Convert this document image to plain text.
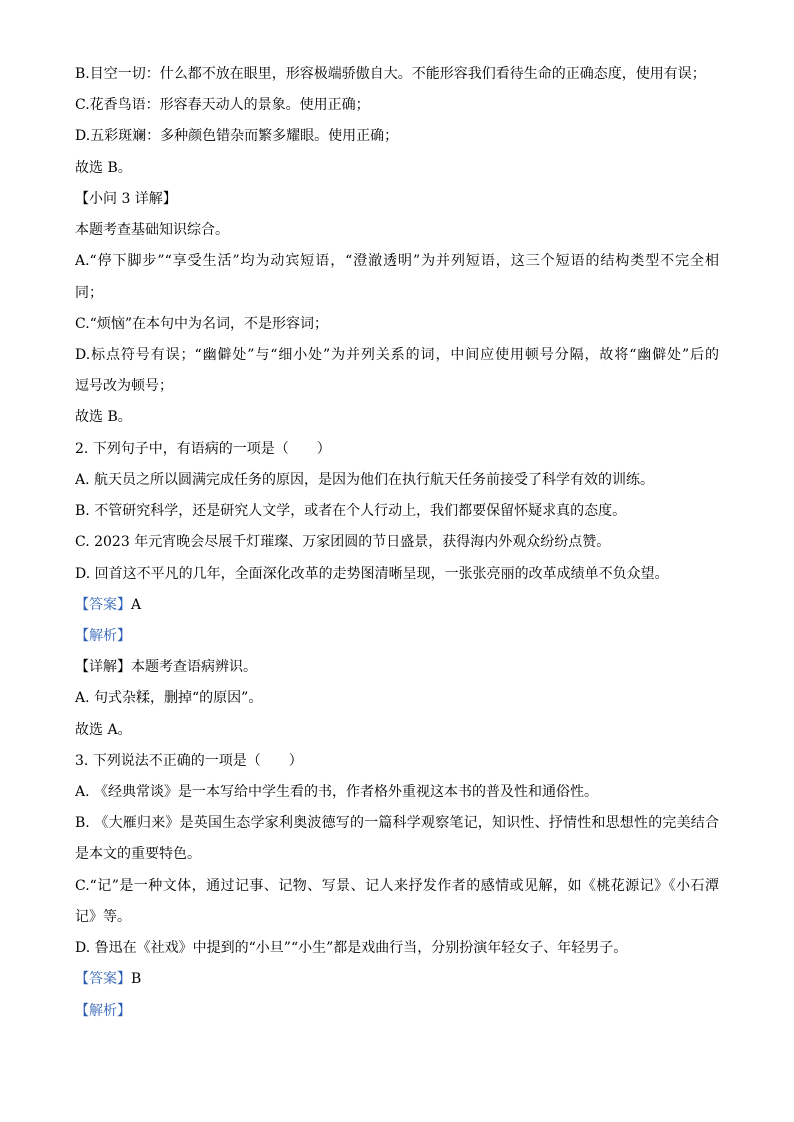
B.目空一切：什么都不放在眼里，形容极端骄傲自大。不能形容我们看待生命的正确态度，使用有误；
C.花香鸟语：形容春天动人的景象。使用正确；
D.五彩斑斓：多种颜色错杂而繁多耀眼。使用正确；
故选 B。
【小问 3 详解】
本题考查基础知识综合。
A.“停下脚步”“享受生活”均为动宾短语，“澄澈透明”为并列短语，这三个短语的结构类型不完全相
同；
C.“烦恼”在本句中为名词，不是形容词；
D.标点符号有误；“幽僻处”与“细小处”为并列关系的词，中间应使用顿号分隔，故将“幽僻处”后的
逗号改为顿号；
故选 B。
2. 下列句子中，有语病的一项是（　　）
A. 航天员之所以圆满完成任务的原因，是因为他们在执行航天任务前接受了科学有效的训练。
B. 不管研究科学，还是研究人文学，或者在个人行动上，我们都要保留怀疑求真的态度。
C. 2023 年元宵晚会尽展千灯璀璨、万家团圆的节日盛景，获得海内外观众纷纷点赞。
D. 回首这不平凡的几年，全面深化改革的走势图清晰呈现，一张张亮丽的改革成绩单不负众望。
【答案】A
【解析】
【详解】本题考查语病辨识。
A. 句式杂糅，删掉“的原因”。
故选 A。
3. 下列说法不正确的一项是（　　）
A. 《经典常谈》是一本写给中学生看的书，作者格外重视这本书的普及性和通俗性。
B. 《大雁归来》是英国生态学家利奥波德写的一篇科学观察笔记，知识性、抒情性和思想性的完美结合
是本文的重要特色。
C.“记”是一种文体，通过记事、记物、写景、记人来抒发作者的感情或见解，如《桃花源记》《小石潭
记》等。
D. 鲁迅在《社戏》中提到的“小旦”“小生”都是戏曲行当，分别扮演年轻女子、年轻男子。
【答案】B
【解析】
